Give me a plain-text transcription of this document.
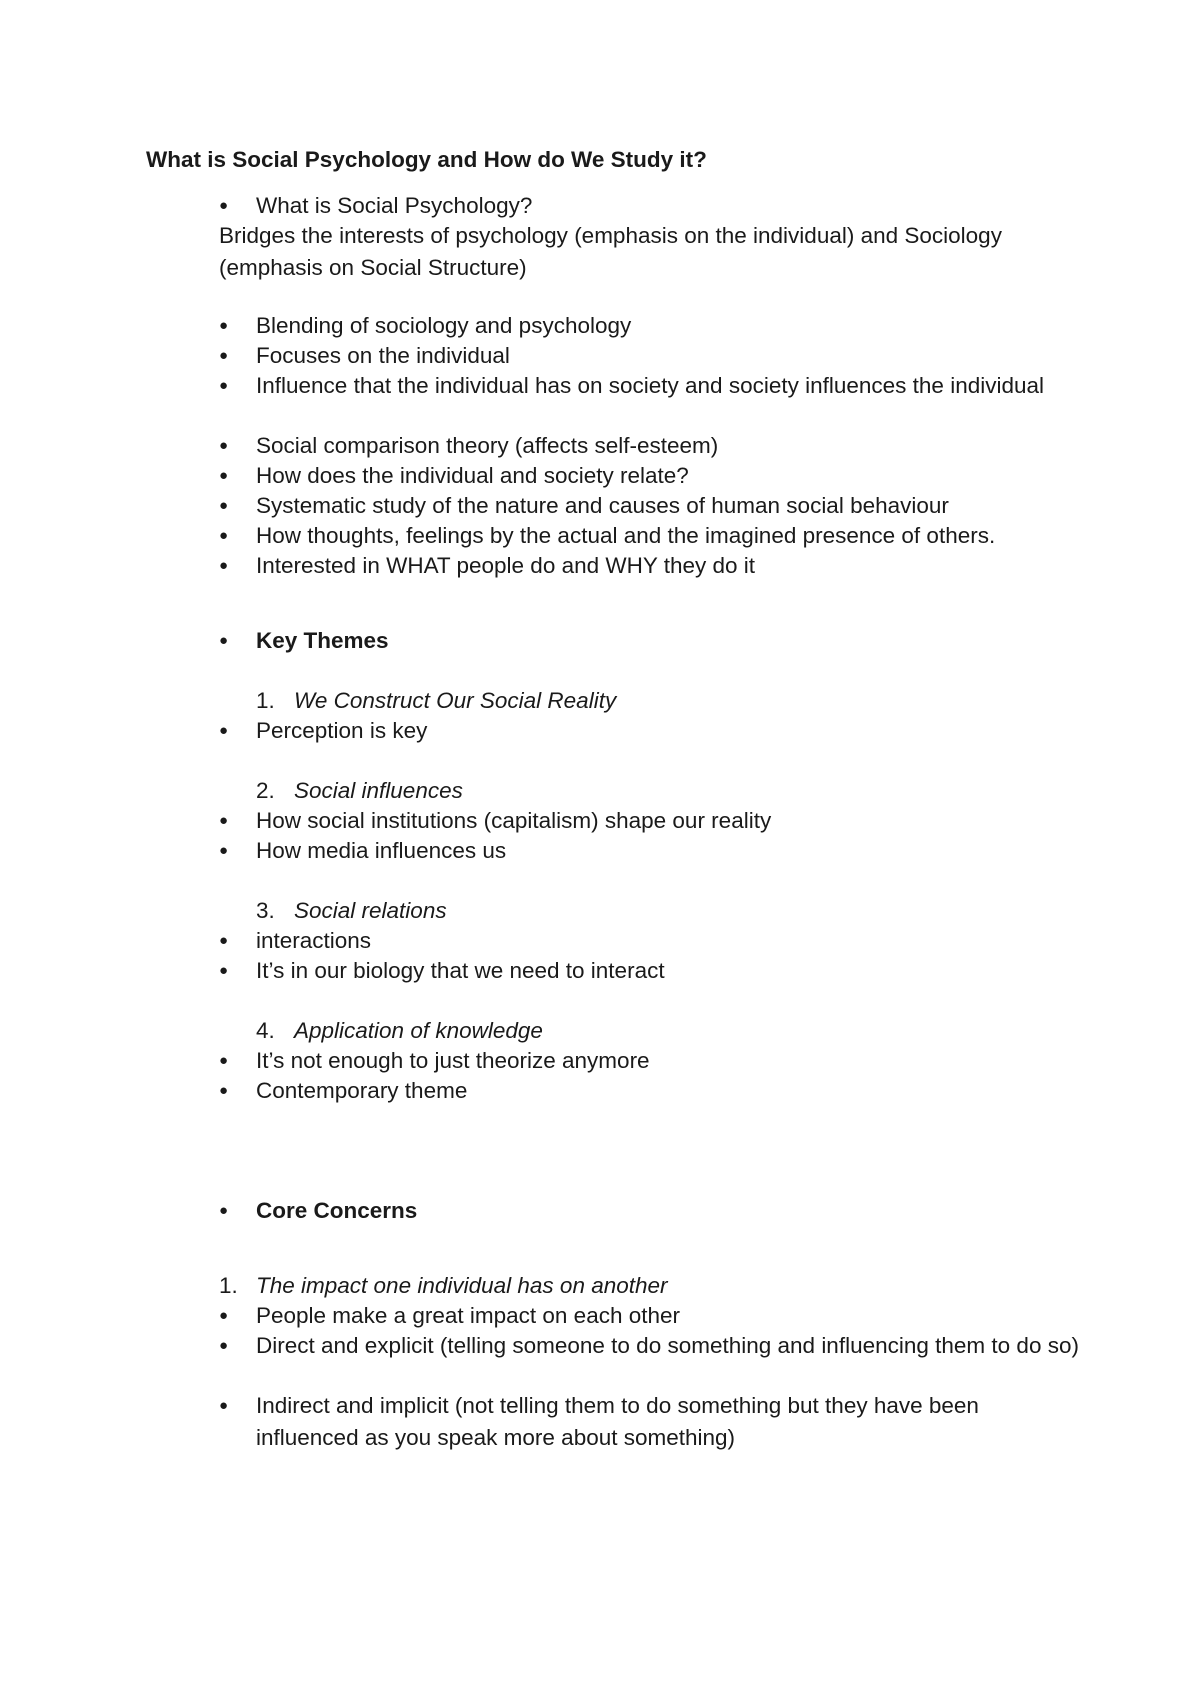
What is Social Psychology and How do We Study it?
● What is Social Psychology?
Bridges the interests of psychology (emphasis on the individual) and Sociology (emphasis on Social Structure)
● Blending of sociology and psychology
● Focuses on the individual
● Influence that the individual has on society and society influences the individual
● Social comparison theory (affects self-esteem)
● How does the individual and society relate?
● Systematic study of the nature and causes of human social behaviour
● How thoughts, feelings by the actual and the imagined presence of others.
● Interested in WHAT people do and WHY they do it
● Key Themes
1. We Construct Our Social Reality
● Perception is key
2. Social influences
● How social institutions (capitalism) shape our reality
● How media influences us
3. Social relations
● interactions
● It’s in our biology that we need to interact
4. Application of knowledge
● It’s not enough to just theorize anymore
● Contemporary theme
● Core Concerns
1. The impact one individual has on another
● People make a great impact on each other
● Direct and explicit (telling someone to do something and influencing them to do so)
● Indirect and implicit (not telling them to do something but they have been influenced as you speak more about something)
